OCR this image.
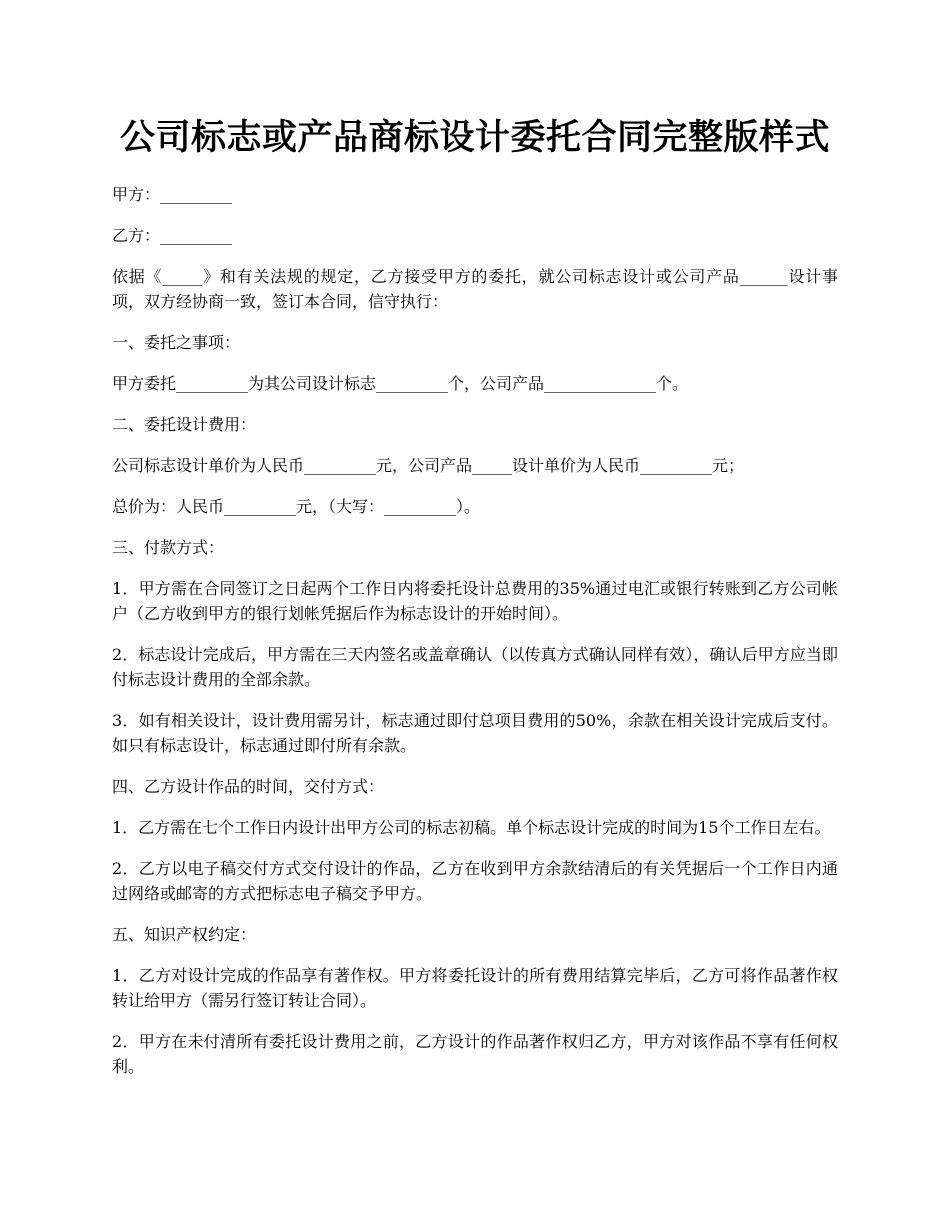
公司标志或产品商标设计委托合同完整版样式

甲方：_________

乙方：_________

依据《_____》和有关法规的规定，乙方接受甲方的委托，就公司标志设计或公司产品______设计事项，双方经协商一致，签订本合同，信守执行：

一、委托之事项：

甲方委托_________为其公司设计标志_________个，公司产品______________个。

二、委托设计费用：

公司标志设计单价为人民币_________元，公司产品_____设计单价为人民币_________元；

总价为：人民币_________元，（大写：_________）。

三、付款方式：

1．甲方需在合同签订之日起两个工作日内将委托设计总费用的35%通过电汇或银行转账到乙方公司帐户（乙方收到甲方的银行划帐凭据后作为标志设计的开始时间）。

2．标志设计完成后，甲方需在三天内签名或盖章确认（以传真方式确认同样有效），确认后甲方应当即付标志设计费用的全部余款。

3．如有相关设计，设计费用需另计，标志通过即付总项目费用的50%，余款在相关设计完成后支付。如只有标志设计，标志通过即付所有余款。

四、乙方设计作品的时间，交付方式：

1．乙方需在七个工作日内设计出甲方公司的标志初稿。单个标志设计完成的时间为15个工作日左右。

2．乙方以电子稿交付方式交付设计的作品，乙方在收到甲方余款结清后的有关凭据后一个工作日内通过网络或邮寄的方式把标志电子稿交予甲方。

五、知识产权约定：

1．乙方对设计完成的作品享有著作权。甲方将委托设计的所有费用结算完毕后，乙方可将作品著作权转让给甲方（需另行签订转让合同）。

2．甲方在未付清所有委托设计费用之前，乙方设计的作品著作权归乙方，甲方对该作品不享有任何权利。
